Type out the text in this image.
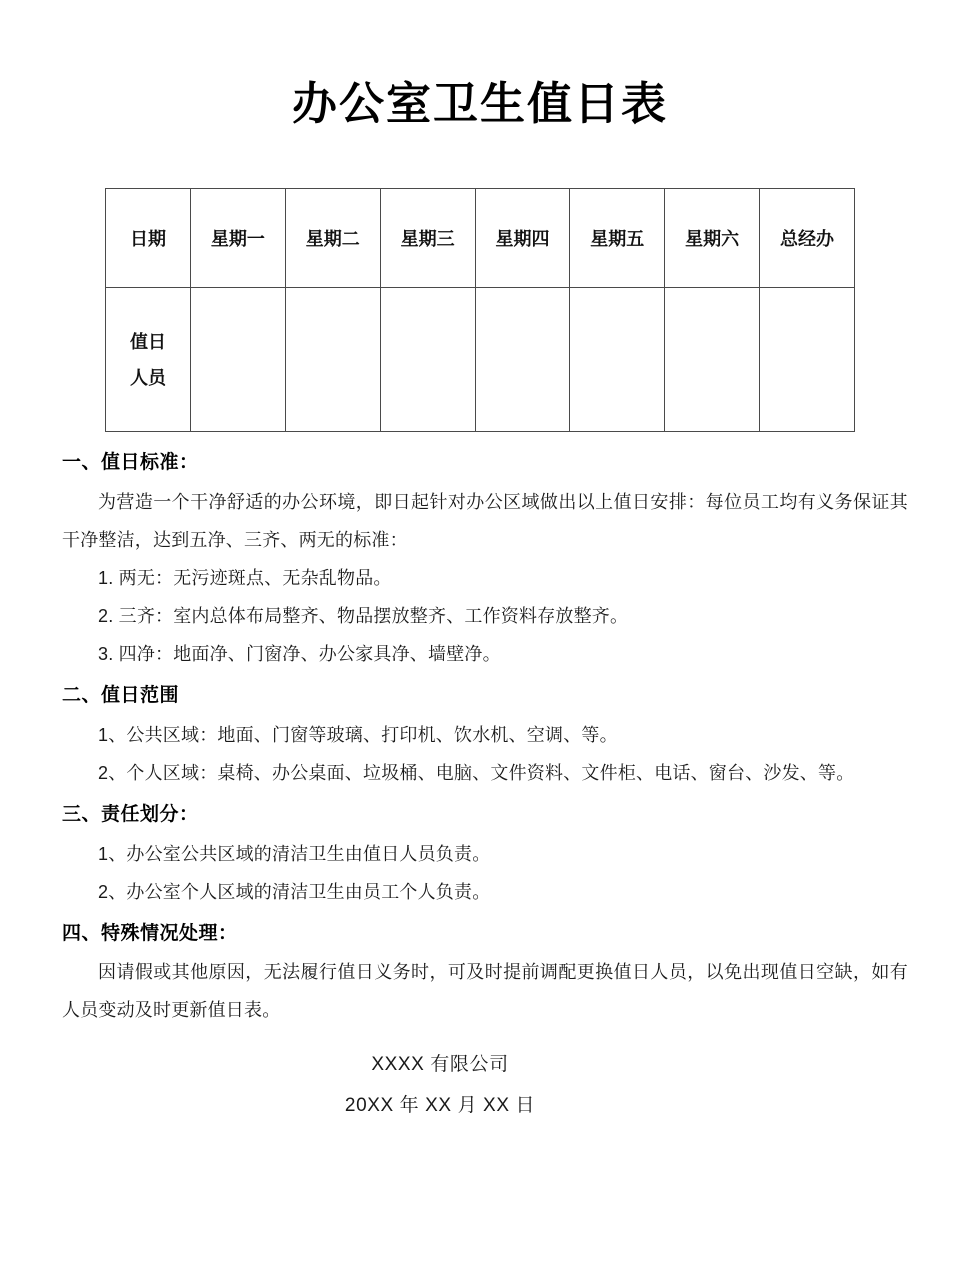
办公室卫生值日表
日期	星期一	星期二	星期三	星期四	星期五	星期六	总经办

值日
人员							

一、值日标准：

为营造一个干净舒适的办公环境，即日起针对办公区域做出以上值日安排：每位员工均有义务保证其干净整洁，达到五净、三齐、两无的标准：

1. 两无：无污迹斑点、无杂乱物品。
2. 三齐：室内总体布局整齐、物品摆放整齐、工作资料存放整齐。
3. 四净：地面净、门窗净、办公家具净、墙壁净。

二、值日范围

1、公共区域：地面、门窗等玻璃、打印机、饮水机、空调、等。
2、个人区域：桌椅、办公桌面、垃圾桶、电脑、文件资料、文件柜、电话、窗台、沙发、等。

三、责任划分：

1、办公室公共区域的清洁卫生由值日人员负责。
2、办公室个人区域的清洁卫生由员工个人负责。

四、特殊情况处理：

因请假或其他原因，无法履行值日义务时，可及时提前调配更换值日人员，以免出现值日空缺，如有人员变动及时更新值日表。

XXXX 有限公司
20XX 年 XX 月 XX 日
